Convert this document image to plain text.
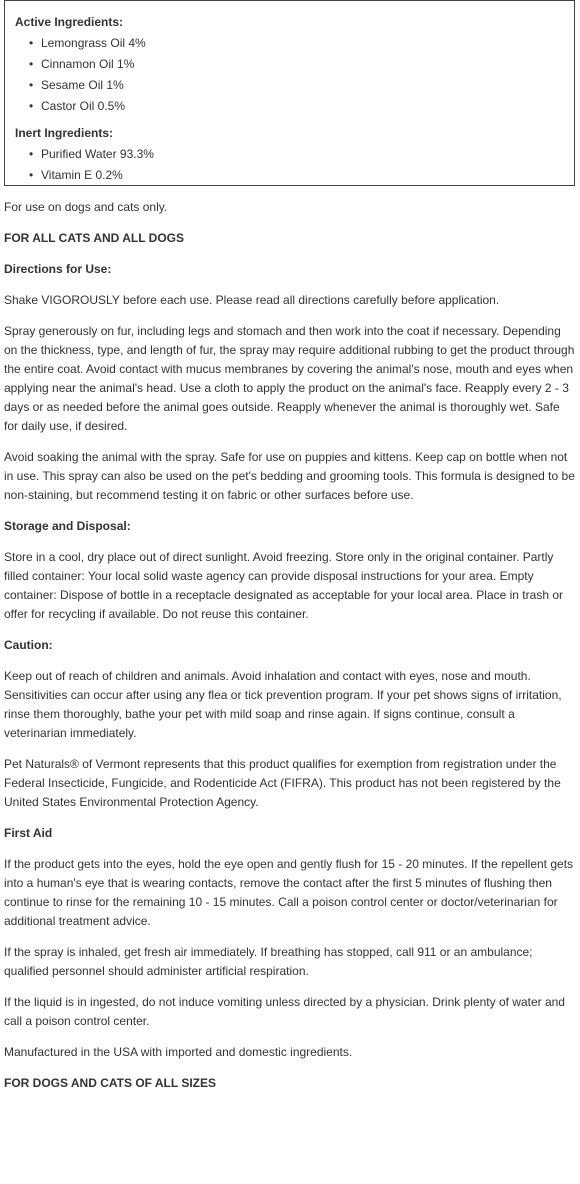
Active Ingredients:

• Lemongrass Oil 4%
• Cinnamon Oil 1%
• Sesame Oil 1%
• Castor Oil 0.5%

Inert Ingredients:

• Purified Water 93.3%
• Vitamin E 0.2%

For use on dogs and cats only.

FOR ALL CATS AND ALL DOGS

Directions for Use:

Shake VIGOROUSLY before each use. Please read all directions carefully before application.

Spray generously on fur, including legs and stomach and then work into the coat if necessary. Depending on the thickness, type, and length of fur, the spray may require additional rubbing to get the product through the entire coat. Avoid contact with mucus membranes by covering the animal's nose, mouth and eyes when applying near the animal's head. Use a cloth to apply the product on the animal's face. Reapply every 2 - 3 days or as needed before the animal goes outside. Reapply whenever the animal is thoroughly wet. Safe for daily use, if desired.

Avoid soaking the animal with the spray. Safe for use on puppies and kittens. Keep cap on bottle when not in use. This spray can also be used on the pet's bedding and grooming tools. This formula is designed to be non-staining, but recommend testing it on fabric or other surfaces before use.

Storage and Disposal:

Store in a cool, dry place out of direct sunlight. Avoid freezing. Store only in the original container. Partly filled container: Your local solid waste agency can provide disposal instructions for your area. Empty container: Dispose of bottle in a receptacle designated as acceptable for your local area. Place in trash or offer for recycling if available. Do not reuse this container.

Caution:

Keep out of reach of children and animals. Avoid inhalation and contact with eyes, nose and mouth. Sensitivities can occur after using any flea or tick prevention program. If your pet shows signs of irritation, rinse them thoroughly, bathe your pet with mild soap and rinse again. If signs continue, consult a veterinarian immediately.

Pet Naturals® of Vermont represents that this product qualifies for exemption from registration under the Federal Insecticide, Fungicide, and Rodenticide Act (FIFRA). This product has not been registered by the United States Environmental Protection Agency.

First Aid

If the product gets into the eyes, hold the eye open and gently flush for 15 - 20 minutes. If the repellent gets into a human's eye that is wearing contacts, remove the contact after the first 5 minutes of flushing then continue to rinse for the remaining 10 - 15 minutes. Call a poison control center or doctor/veterinarian for additional treatment advice.

If the spray is inhaled, get fresh air immediately. If breathing has stopped, call 911 or an ambulance; qualified personnel should administer artificial respiration.

If the liquid is in ingested, do not induce vomiting unless directed by a physician. Drink plenty of water and call a poison control center.

Manufactured in the USA with imported and domestic ingredients.

FOR DOGS AND CATS OF ALL SIZES
